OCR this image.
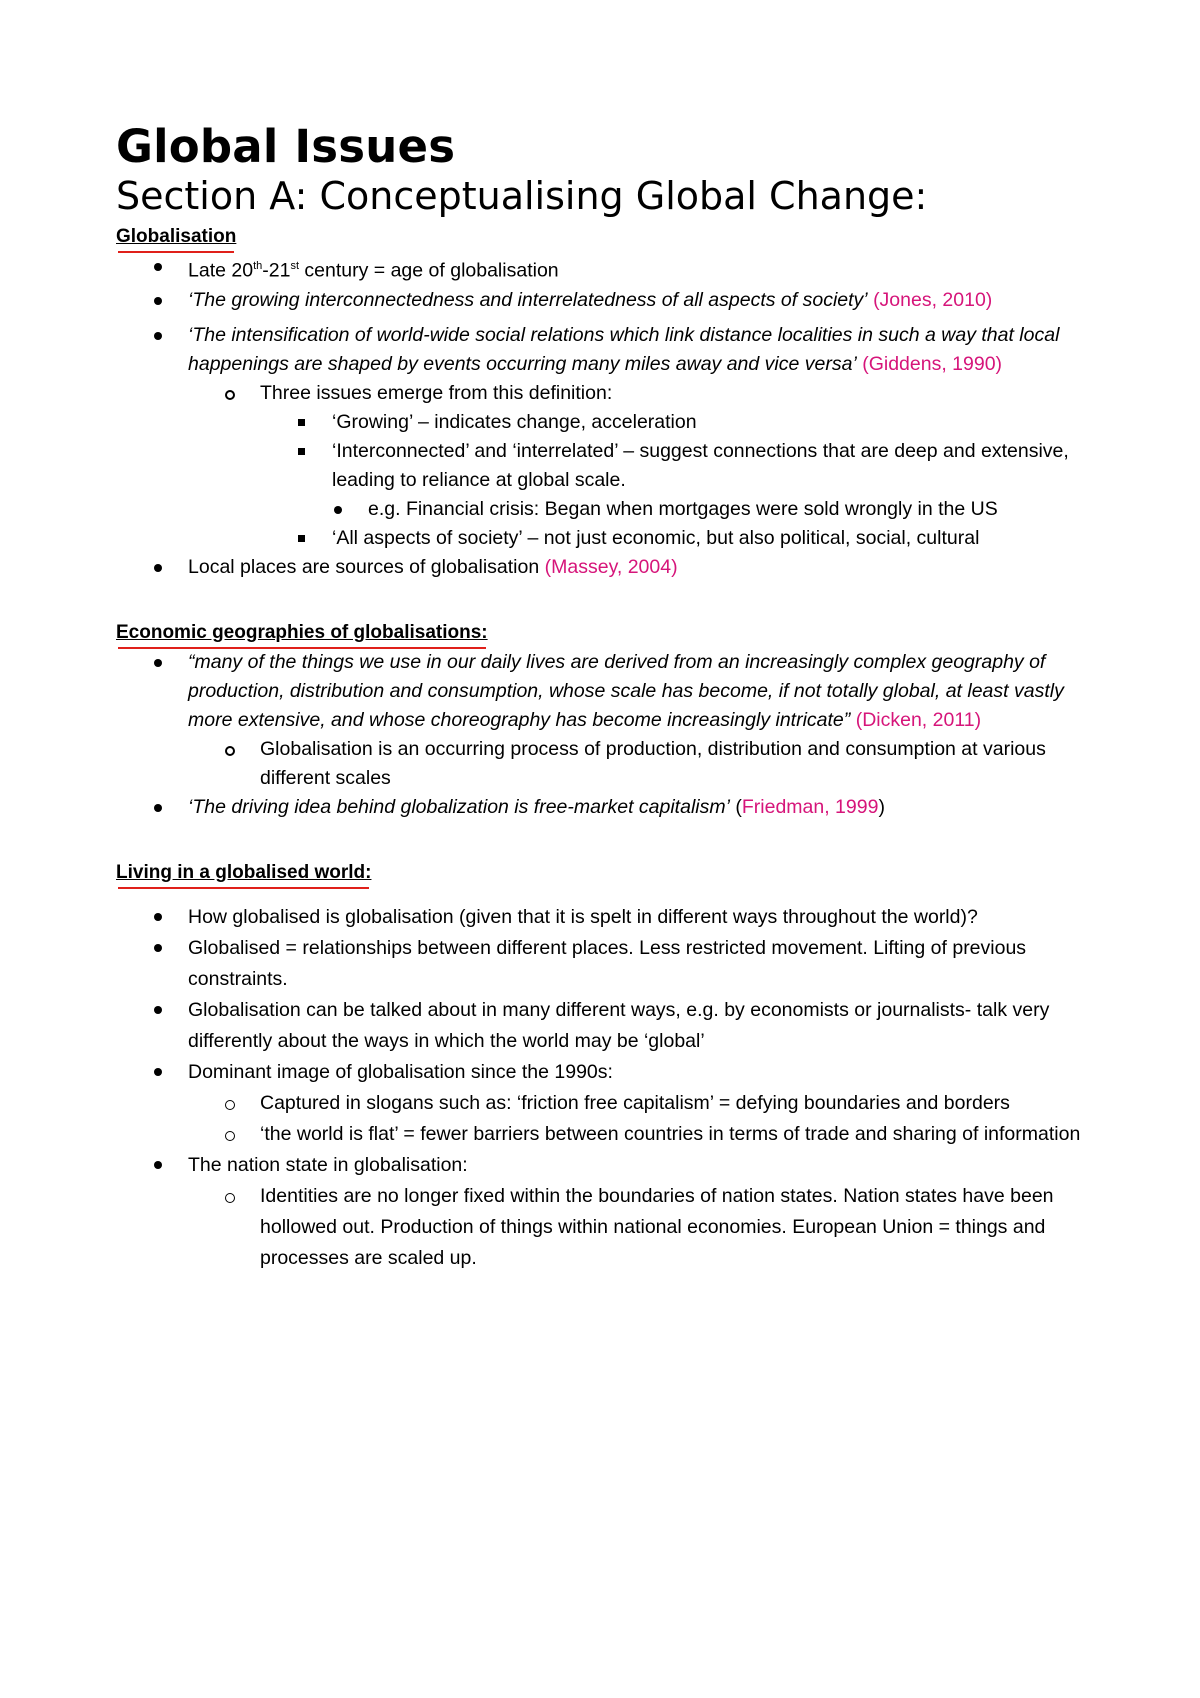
Global Issues
Section A: Conceptualising Global Change:
Globalisation
Late 20th-21st century = age of globalisation
‘The growing interconnectedness and interrelatedness of all aspects of society’ (Jones, 2010)
‘The intensification of world-wide social relations which link distance localities in such a way that local happenings are shaped by events occurring many miles away and vice versa’ (Giddens, 1990)
Three issues emerge from this definition:
‘Growing’ – indicates change, acceleration
‘Interconnected’ and ‘interrelated’ – suggest connections that are deep and extensive, leading to reliance at global scale.
e.g. Financial crisis: Began when mortgages were sold wrongly in the US
‘All aspects of society’ – not just economic, but also political, social, cultural
Local places are sources of globalisation (Massey, 2004)
Economic geographies of globalisations:
“many of the things we use in our daily lives are derived from an increasingly complex geography of production, distribution and consumption, whose scale has become, if not totally global, at least vastly more extensive, and whose choreography has become increasingly intricate” (Dicken, 2011)
Globalisation is an occurring process of production, distribution and consumption at various different scales
‘The driving idea behind globalization is free-market capitalism’ (Friedman, 1999)
Living in a globalised world:
How globalised is globalisation (given that it is spelt in different ways throughout the world)?
Globalised = relationships between different places. Less restricted movement. Lifting of previous constraints.
Globalisation can be talked about in many different ways, e.g. by economists or journalists- talk very differently about the ways in which the world may be ‘global’
Dominant image of globalisation since the 1990s:
Captured in slogans such as: ‘friction free capitalism’ = defying boundaries and borders
‘the world is flat’ = fewer barriers between countries in terms of trade and sharing of information
The nation state in globalisation:
Identities are no longer fixed within the boundaries of nation states. Nation states have been hollowed out. Production of things within national economies. European Union = things and processes are scaled up.
